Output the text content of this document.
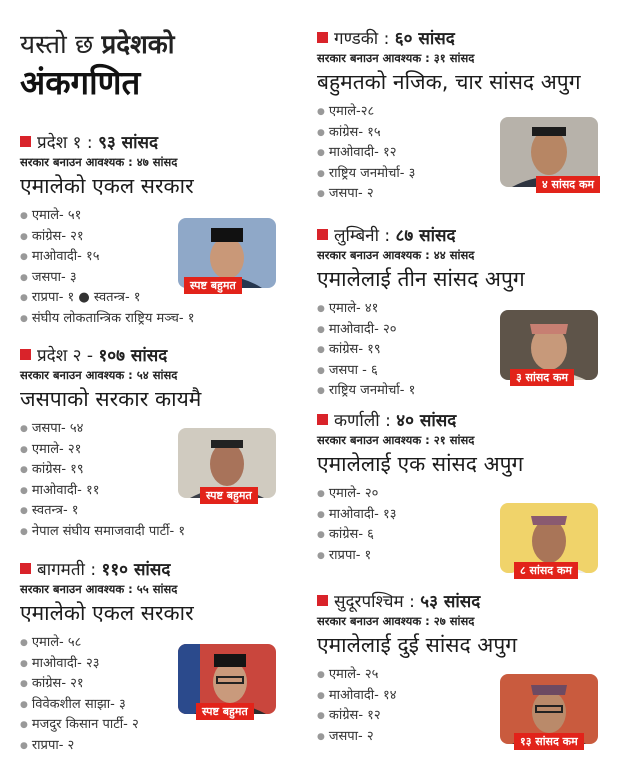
यस्तो छ प्रदेशको
अंकगणित
प्रदेश १ : ९३ सांसद
सरकार बनाउन आवश्यक : ४७ सांसद
एमालेको एकल सरकार
● एमाले- ५१
● कांग्रेस- २१
● माओवादी- १५
● जसपा- ३
● राप्रपा- १ ● स्वतन्त्र- १
● संघीय लोकतान्त्रिक राष्ट्रिय मञ्च- १
स्पष्ट बहुमत
प्रदेश २ - १०७ सांसद
सरकार बनाउन आवश्यक : ५४ सांसद
जसपाको सरकार कायमै
● जसपा- ५४
● एमाले- २१
● कांग्रेस- १९
● माओवादी- ११
● स्वतन्त्र- १
● नेपाल संघीय समाजवादी पार्टी- १
स्पष्ट बहुमत
बागमती : ११० सांसद
सरकार बनाउन आवश्यक : ५५ सांसद
एमालेको एकल सरकार
● एमाले- ५८
● माओवादी- २३
● कांग्रेस- २१
● विवेकशील साझा- ३
● मजदुर किसान पार्टी- २
● राप्रपा- २
स्पष्ट बहुमत
गण्डकी : ६० सांसद
सरकार बनाउन आवश्यक : ३१ सांसद
बहुमतको नजिक, चार सांसद अपुग
● एमाले-२८
● कांग्रेस- १५
● माओवादी- १२
● राष्ट्रिय जनमोर्चा- ३
● जसपा- २
४ सांसद कम
लुम्बिनी : ८७ सांसद
सरकार बनाउन आवश्यक : ४४ सांसद
एमालेलाई तीन सांसद अपुग
● एमाले- ४१
● माओवादी- २०
● कांग्रेस- १९
● जसपा - ६
● राष्ट्रिय जनमोर्चा- १
३ सांसद कम
कर्णाली : ४० सांसद
सरकार बनाउन आवश्यक : २१ सांसद
एमालेलाई एक सांसद अपुग
● एमाले- २०
● माओवादी- १३
● कांग्रेस- ६
● राप्रपा- १
८ सांसद कम
सुदूरपश्चिम : ५३ सांसद
सरकार बनाउन आवश्यक : २७ सांसद
एमालेलाई दुई सांसद अपुग
● एमाले- २५
● माओवादी- १४
● कांग्रेस- १२
● जसपा- २	१३ सांसद कम
